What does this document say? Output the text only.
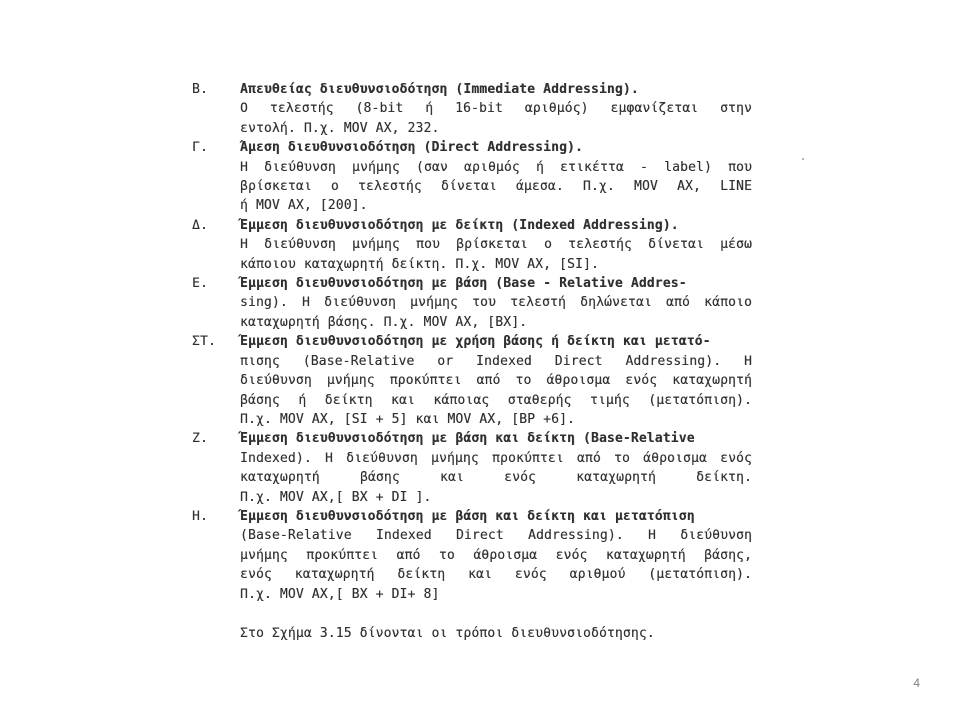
B.	Απευθείας διευθυνσιοδότηση (Immediate Addressing).
Ο τελεστής (8-bit ή 16-bit αριθμός) εμφανίζεται στην
εντολή. Π.χ. MOV AX, 232.
Γ.	Άμεση διευθυνσιοδότηση (Direct Addressing).
Η διεύθυνση μνήμης (σαν αριθμός ή ετικέττα - label) που
βρίσκεται ο τελεστής δίνεται άμεσα. Π.χ. MOV AX, LINE
ή MOV AX, [200].
Δ.	Έμμεση διευθυνσιοδότηση με δείκτη (Indexed Addressing).
Η διεύθυνση μνήμης που βρίσκεται ο τελεστής δίνεται μέσω
κάποιου καταχωρητή δείκτη. Π.χ. MOV AX, [SI].
Ε.	Έμμεση διευθυνσιοδότηση με βάση (Base - Relative Addres-
sing). Η διεύθυνση μνήμης του τελεστή δηλώνεται από κάποιο
καταχωρητή βάσης. Π.χ. MOV AX, [BX].
ΣΤ.	Έμμεση διευθυνσιοδότηση με χρήση βάσης ή δείκτη και μετατό-
πισης (Base-Relative or Indexed Direct Addressing). Η
διεύθυνση μνήμης προκύπτει από το άθροισμα ενός καταχωρητή
βάσης ή δείκτη και κάποιας σταθερής τιμής (μετατόπιση).
Π.χ. MOV AX, [SI + 5] και MOV AX, [BP +6].
Ζ.	Έμμεση διευθυνσιοδότηση με βάση και δείκτη (Base-Relative
Indexed). Η διεύθυνση μνήμης προκύπτει από το άθροισμα ενός
καταχωρητή βάσης και ενός καταχωρητή δείκτη.
Π.χ. MOV AX,[ BX + DI ].
Η.	Έμμεση διευθυνσιοδότηση με βάση και δείκτη και μετατόπιση
(Base-Relative Indexed Direct Addressing). Η διεύθυνση
μνήμης προκύπτει από το άθροισμα ενός καταχωρητή βάσης,
ενός καταχωρητή δείκτη και ενός αριθμού (μετατόπιση).
Π.χ. MOV AX,[ BX + DI+ 8]
Στο Σχήμα 3.15 δίνονται οι τρόποι διευθυνσιοδότησης.
4
